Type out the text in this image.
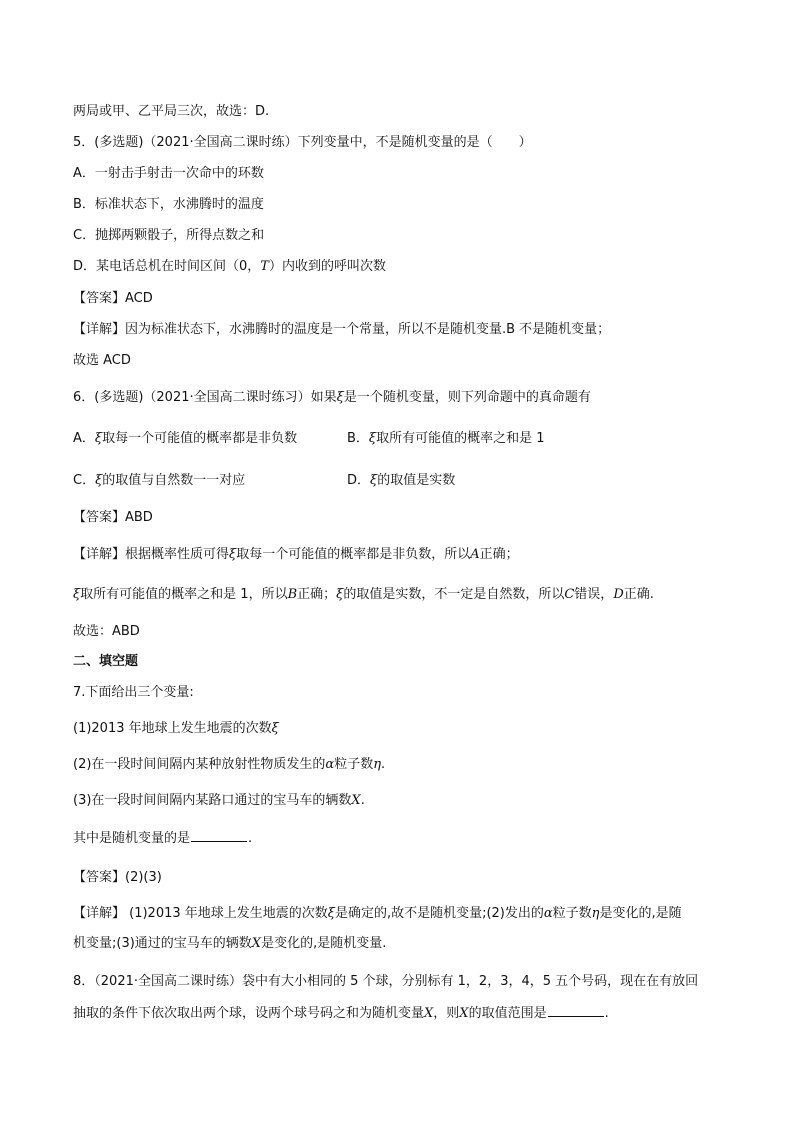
两局或甲、乙平局三次，故选：D.
5．(多选题)（2021·全国高二课时练）下列变量中，不是随机变量的是（　　）
A．一射击手射击一次命中的环数
B．标准状态下，水沸腾时的温度
C．抛掷两颗骰子，所得点数之和
D．某电话总机在时间区间（0，T）内收到的呼叫次数
【答案】ACD
【详解】因为标准状态下，水沸腾时的温度是一个常量，所以不是随机变量.B 不是随机变量；
故选 ACD
6．(多选题)（2021·全国高二课时练习）如果ξ是一个随机变量，则下列命题中的真命题有
A．ξ取每一个可能值的概率都是非负数	B．ξ取所有可能值的概率之和是 1
C．ξ的取值与自然数一一对应	D．ξ的取值是实数
【答案】ABD
【详解】根据概率性质可得ξ取每一个可能值的概率都是非负数，所以A正确；
ξ取所有可能值的概率之和是 1，所以B正确；ξ的取值是实数，不一定是自然数，所以C错误，D正确.
故选：ABD
二、填空题
7.下面给出三个变量:
(1)2013 年地球上发生地震的次数ξ
(2)在一段时间间隔内某种放射性物质发生的α粒子数η.
(3)在一段时间间隔内某路口通过的宝马车的辆数X.
其中是随机变量的是	.
【答案】(2)(3)
【详解】 (1)2013 年地球上发生地震的次数ξ是确定的,故不是随机变量;(2)发出的α粒子数η是变化的,是随
机变量;(3)通过的宝马车的辆数X是变化的,是随机变量.
8．（2021·全国高二课时练）袋中有大小相同的 5 个球，分别标有 1，2，3，4，5 五个号码，现在在有放回
抽取的条件下依次取出两个球，设两个球号码之和为随机变量X，则X的取值范围是	.
